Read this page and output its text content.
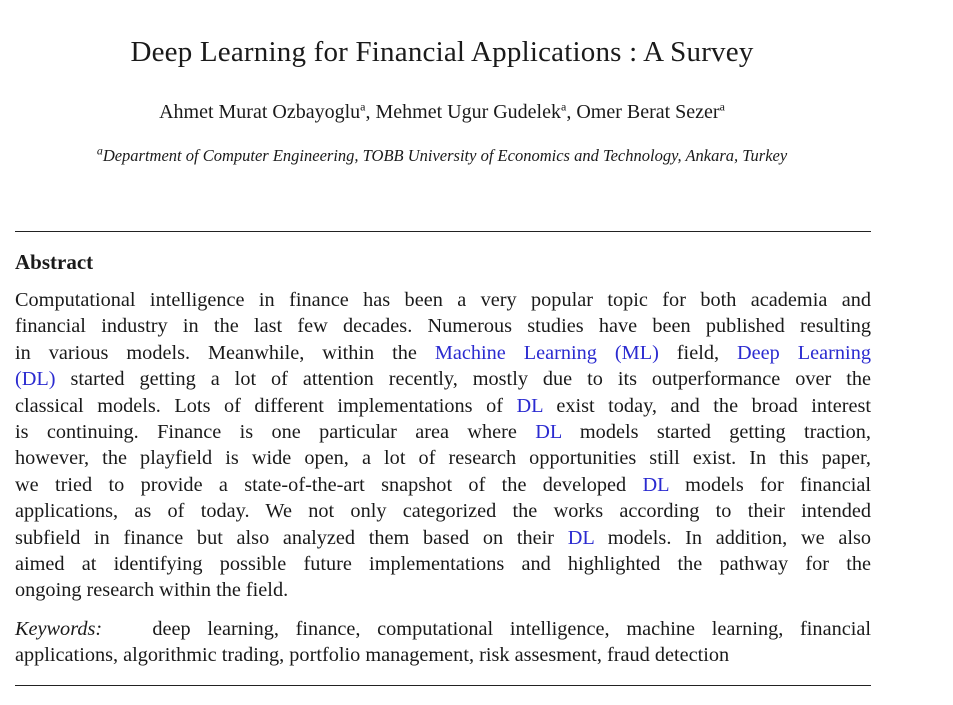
Deep Learning for Financial Applications : A Survey
Ahmet Murat Ozbayoglu$^a$, Mehmet Ugur Gudelek$^a$, Omer Berat Sezer$^a$
$^a$Department of Computer Engineering, TOBB University of Economics and Technology, Ankara, Turkey
Abstract
Computational intelligence in finance has been a very popular topic for both academia and
financial industry in the last few decades. Numerous studies have been published resulting
in various models. Meanwhile, within the Machine Learning (ML) field, Deep Learning
(DL) started getting a lot of attention recently, mostly due to its outperformance over the
classical models. Lots of different implementations of DL exist today, and the broad interest
is continuing. Finance is one particular area where DL models started getting traction,
however, the playfield is wide open, a lot of research opportunities still exist. In this paper,
we tried to provide a state-of-the-art snapshot of the developed DL models for financial
applications, as of today. We not only categorized the works according to their intended
subfield in finance but also analyzed them based on their DL models. In addition, we also
aimed at identifying possible future implementations and highlighted the pathway for the
ongoing research within the field.
Keywords: deep learning, finance, computational intelligence, machine learning, financial
applications, algorithmic trading, portfolio management, risk assesment, fraud detection
